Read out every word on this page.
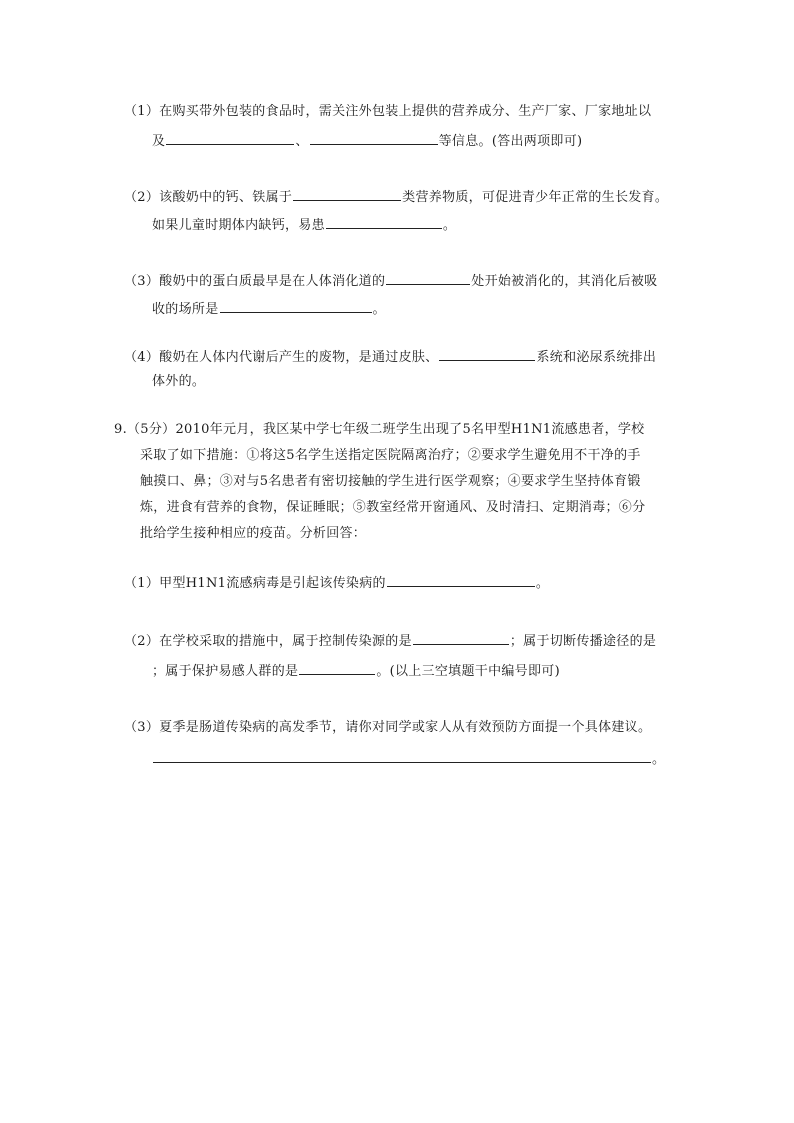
（1）在购买带外包装的食品时，需关注外包装上提供的营养成分、生产厂家、厂家地址以
及	、	等信息。(答出两项即可)
（2）该酸奶中的钙、铁属于	类营养物质，可促进青少年正常的生长发育。
如果儿童时期体内缺钙，易患	。
（3）酸奶中的蛋白质最早是在人体消化道的	处开始被消化的，其消化后被吸
收的场所是	。
（4）酸奶在人体内代谢后产生的废物，是通过皮肤、	系统和泌尿系统排出
体外的。
9.（5分）2010年元月，我区某中学七年级二班学生出现了5名甲型H1N1流感患者，学校
采取了如下措施：①将这5名学生送指定医院隔离治疗；②要求学生避免用不干净的手
触摸口、鼻；③对与5名患者有密切接触的学生进行医学观察；④要求学生坚持体育锻
炼，进食有营养的食物，保证睡眠；⑤教室经常开窗通风、及时清扫、定期消毒；⑥分
批给学生接种相应的疫苗。分析回答：
（1）甲型H1N1流感病毒是引起该传染病的	。
（2）在学校采取的措施中，属于控制传染源的是	；属于切断传播途径的是
；属于保护易感人群的是	。(以上三空填题干中编号即可)
（3）夏季是肠道传染病的高发季节，请你对同学或家人从有效预防方面提一个具体建议。
。
